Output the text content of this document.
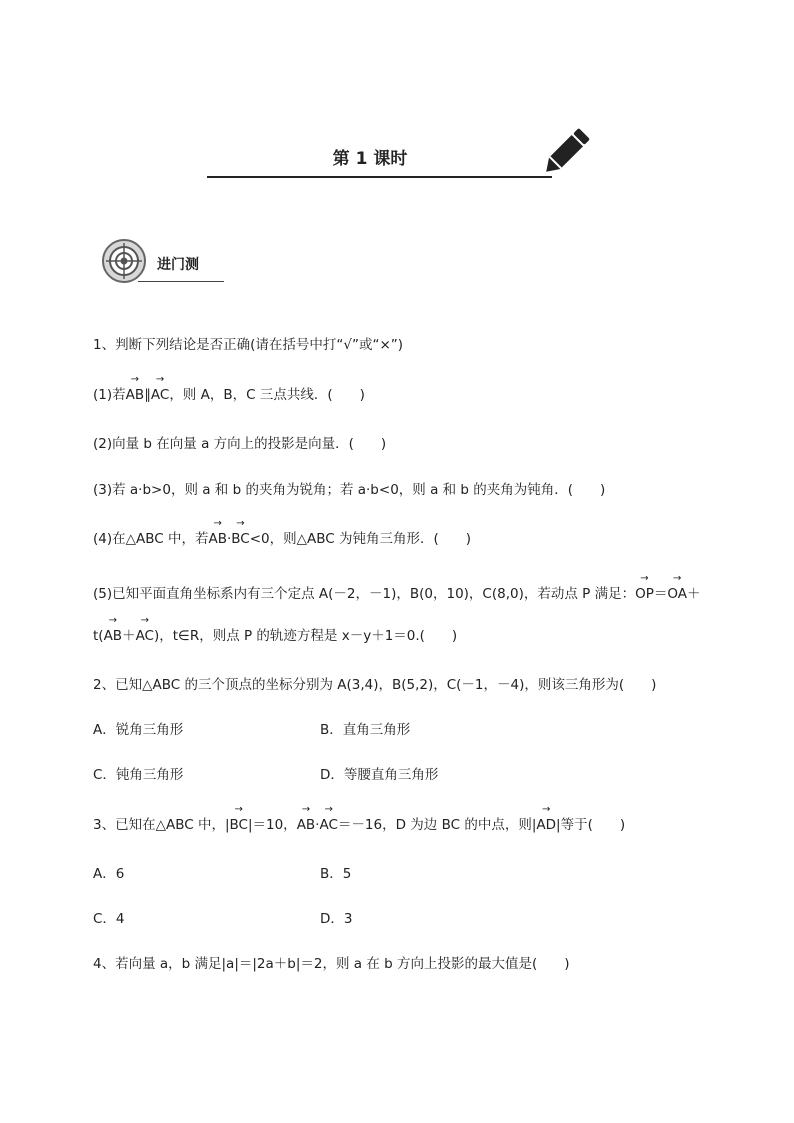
第 1 课时
进门测
1、判断下列结论是否正确(请在括号中打“√”或“×”)
(1)若→ AB∥→ AC，则 A，B，C 三点共线．(　　)
(2)向量 b 在向量 a 方向上的投影是向量．(　　)
(3)若 a·b>0，则 a 和 b 的夹角为锐角；若 a·b<0，则 a 和 b 的夹角为钝角．(　　)
(4)在△ABC 中，若→ AB·→ BC<0，则△ABC 为钝角三角形．(　　)
(5)已知平面直角坐标系内有三个定点 A(－2，－1)，B(0，10)，C(8,0)，若动点 P 满足：→ OP＝→ OA＋
t(→ AB＋→ AC)，t∈R，则点 P 的轨迹方程是 x－y＋1＝0.(　　)
2、已知△ABC 的三个顶点的坐标分别为 A(3,4)，B(5,2)，C(－1，－4)，则该三角形为(　　)
A．锐角三角形	B．直角三角形
C．钝角三角形	D．等腰直角三角形
3、已知在△ABC 中，|→ BC|＝10，→ AB·→ AC＝－16，D 为边 BC 的中点，则|→ AD|等于(　　)
A．6	B．5
C．4	D．3
4、若向量 a，b 满足|a|＝|2a＋b|＝2，则 a 在 b 方向上投影的最大值是(　　)
